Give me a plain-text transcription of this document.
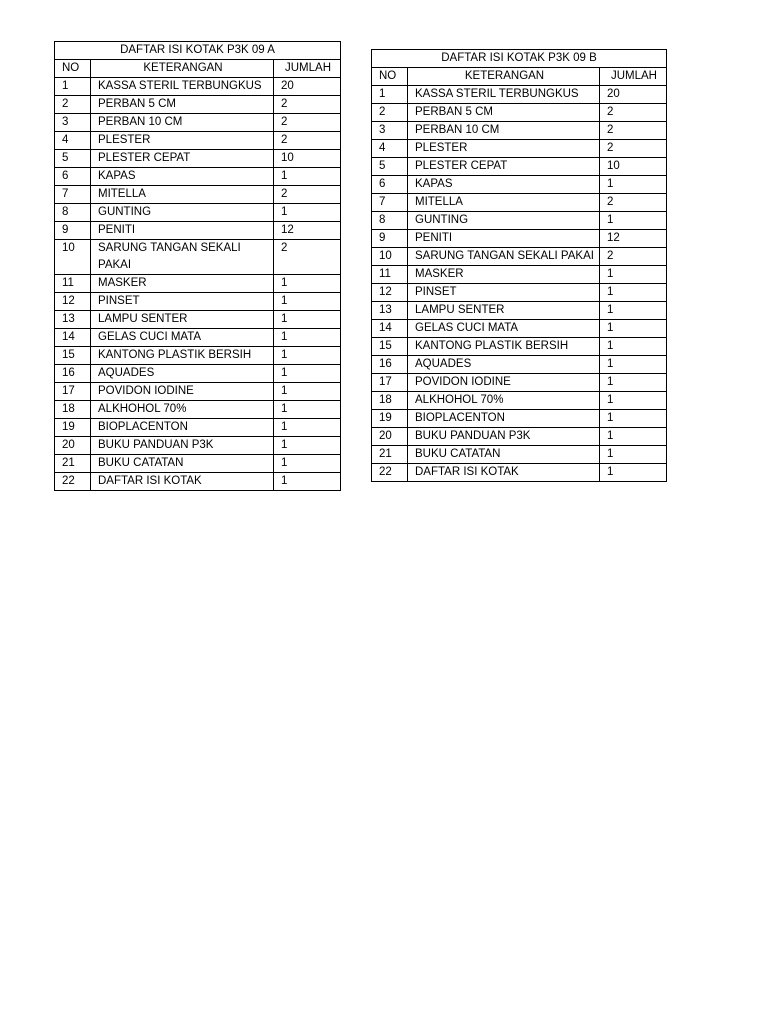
DAFTAR ISI KOTAK P3K 09 A		
NO	KETERANGAN	JUMLAH
1	KASSA STERIL TERBUNGKUS	20
2	PERBAN 5 CM	2
3	PERBAN 10 CM	2
4	PLESTER	2
5	PLESTER CEPAT	10
6	KAPAS	1
7	MITELLA	2
8	GUNTING	1
9	PENITI	12
10	SARUNG TANGAN SEKALI PAKAI	2
11	MASKER	1
12	PINSET	1
13	LAMPU SENTER	1
14	GELAS CUCI MATA	1
15	KANTONG PLASTIK BERSIH	1
16	AQUADES	1
17	POVIDON IODINE	1
18	ALKHOHOL 70%	1
19	BIOPLACENTON	1
20	BUKU PANDUAN P3K	1
21	BUKU CATATAN	1
22	DAFTAR ISI KOTAK	1
DAFTAR ISI KOTAK P3K 09 B		
NO	KETERANGAN	JUMLAH
1	KASSA STERIL TERBUNGKUS	20
2	PERBAN 5 CM	2
3	PERBAN 10 CM	2
4	PLESTER	2
5	PLESTER CEPAT	10
6	KAPAS	1
7	MITELLA	2
8	GUNTING	1
9	PENITI	12
10	SARUNG TANGAN SEKALI PAKAI	2
11	MASKER	1
12	PINSET	1
13	LAMPU SENTER	1
14	GELAS CUCI MATA	1
15	KANTONG PLASTIK BERSIH	1
16	AQUADES	1
17	POVIDON IODINE	1
18	ALKHOHOL 70%	1
19	BIOPLACENTON	1
20	BUKU PANDUAN P3K	1
21	BUKU CATATAN	1
22	DAFTAR ISI KOTAK	1
